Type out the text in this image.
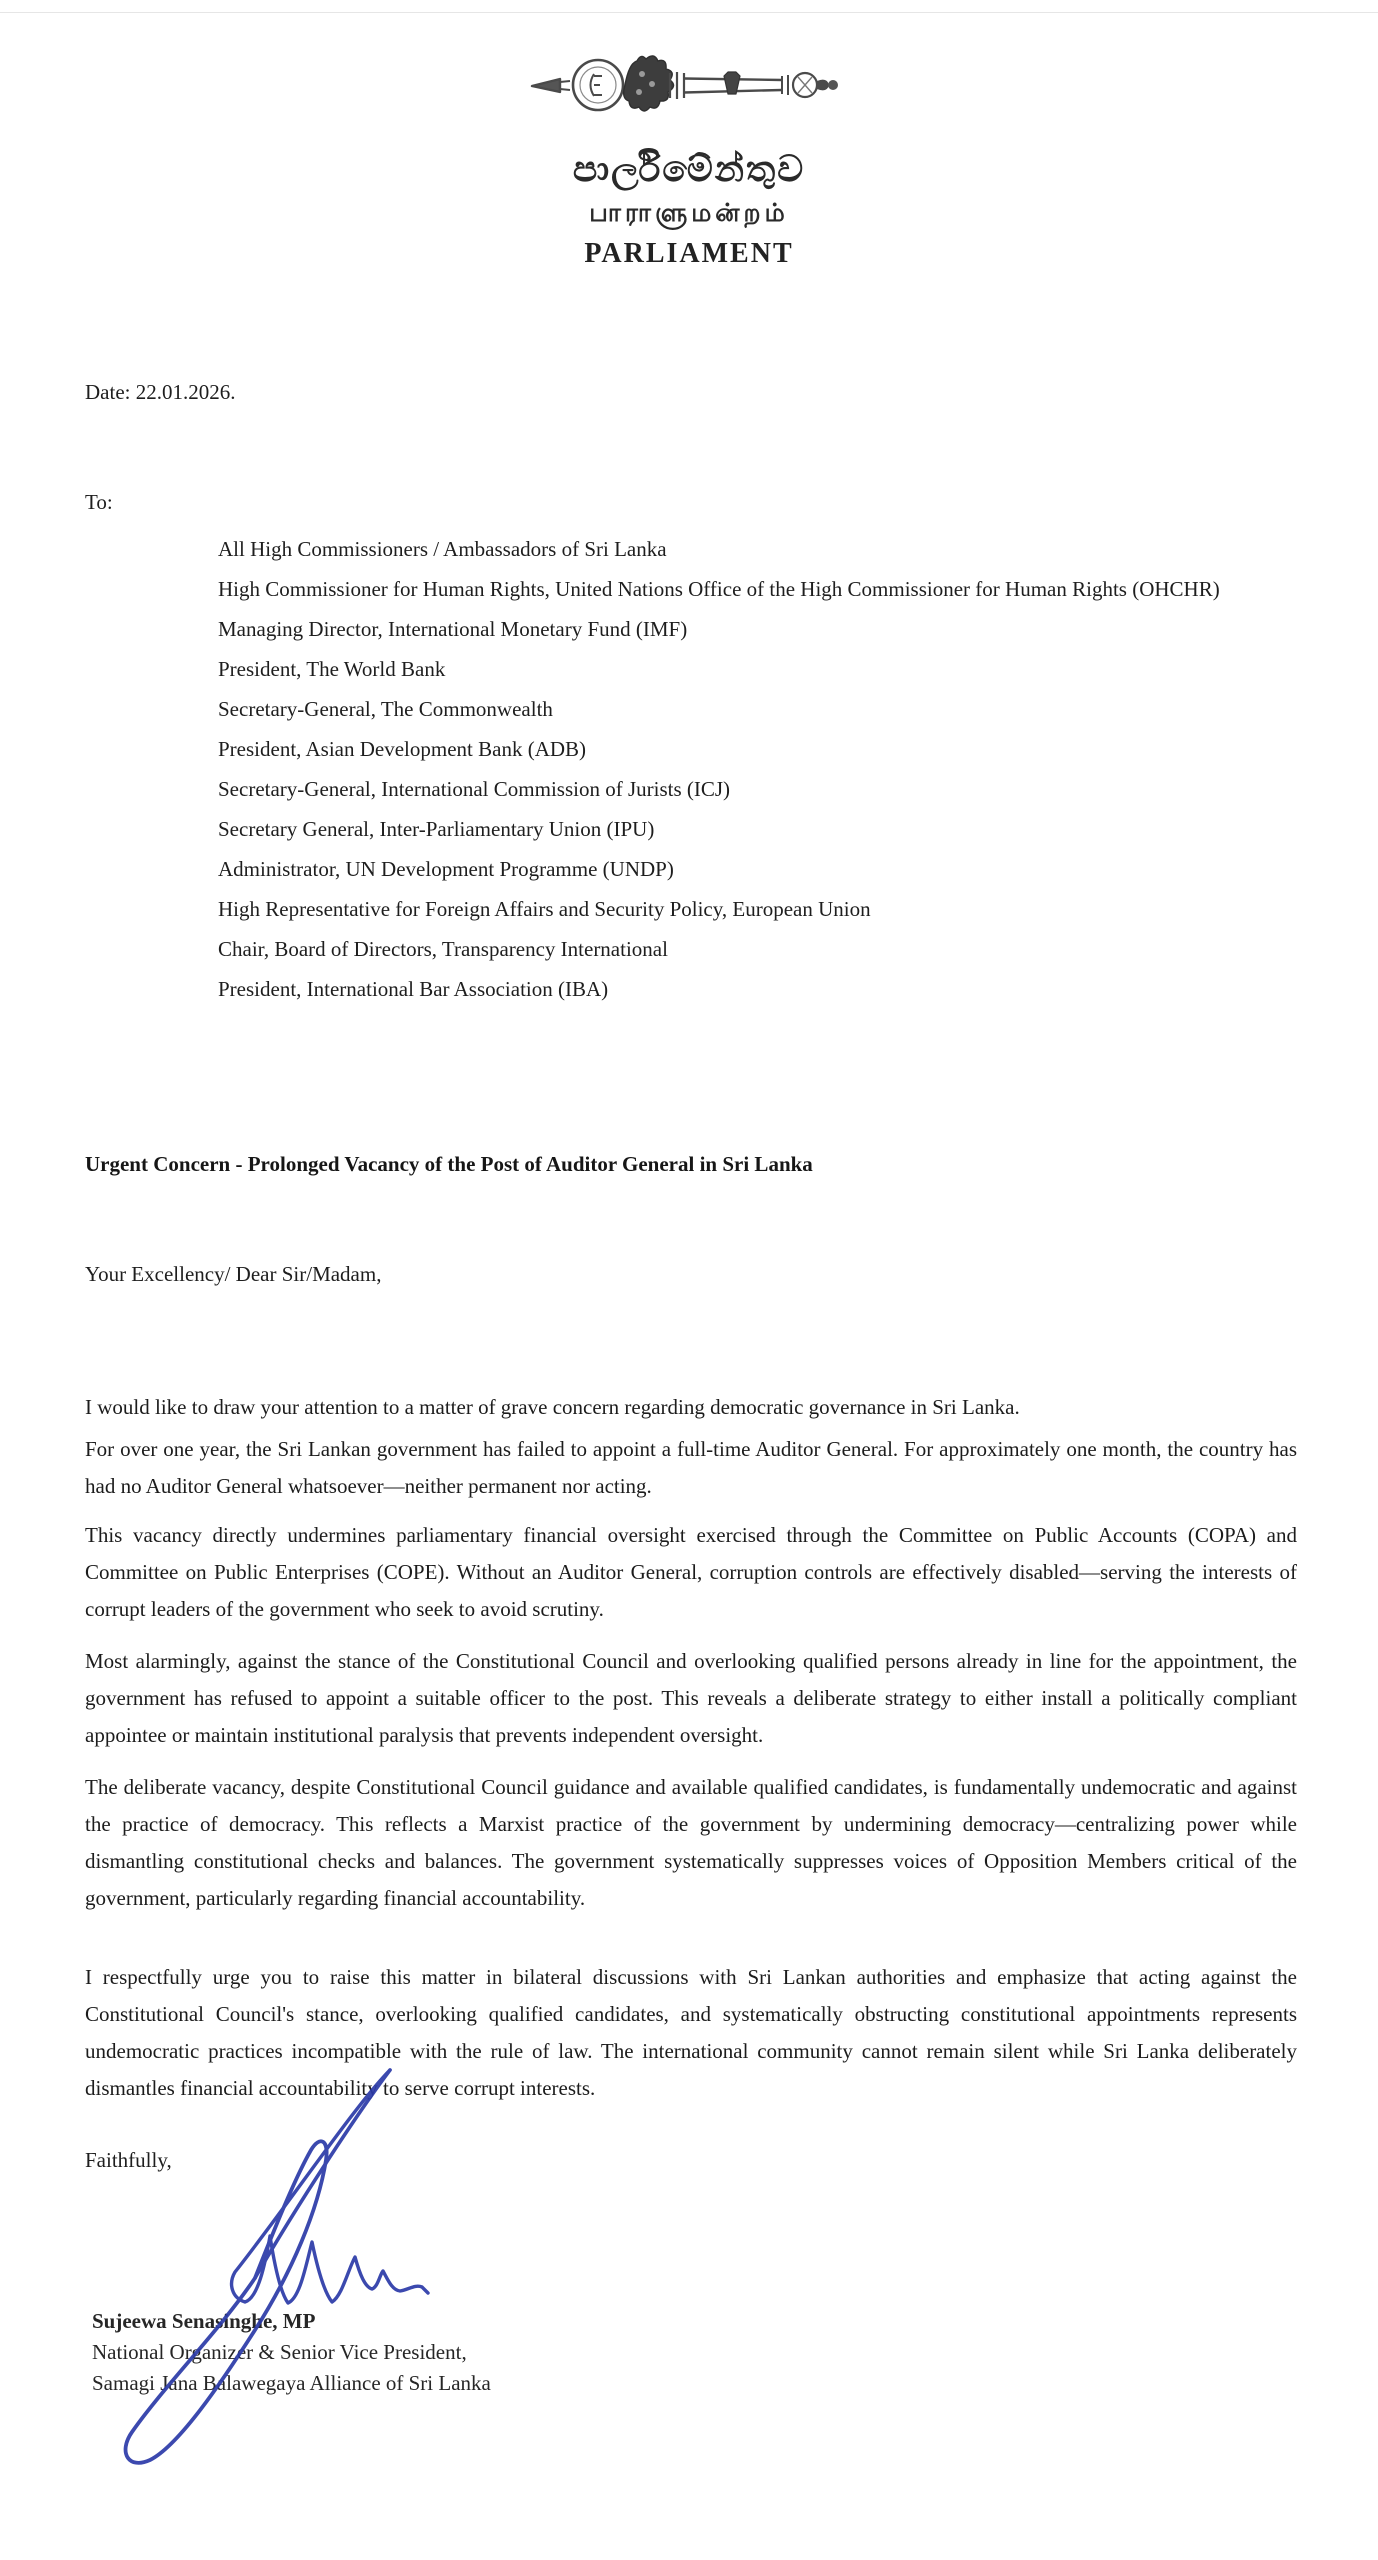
පාර්ලිමේන්තුව
பாராளுமன்றம்
PARLIAMENT
Date: 22.01.2026.
To:
All High Commissioners / Ambassadors of Sri Lanka
High Commissioner for Human Rights, United Nations Office of the High Commissioner for Human Rights (OHCHR)
Managing Director, International Monetary Fund (IMF)
President, The World Bank
Secretary-General, The Commonwealth
President, Asian Development Bank (ADB)
Secretary-General, International Commission of Jurists (ICJ)
Secretary General, Inter-Parliamentary Union (IPU)
Administrator, UN Development Programme (UNDP)
High Representative for Foreign Affairs and Security Policy, European Union
Chair, Board of Directors, Transparency International
President, International Bar Association (IBA)
Urgent Concern - Prolonged Vacancy of the Post of Auditor General in Sri Lanka
Your Excellency/ Dear Sir/Madam,

I would like to draw your attention to a matter of grave concern regarding democratic governance in Sri Lanka.

For over one year, the Sri Lankan government has failed to appoint a full-time Auditor General. For approximately one month, the country has had no Auditor General whatsoever—neither permanent nor acting.

This vacancy directly undermines parliamentary financial oversight exercised through the Committee on Public Accounts (COPA) and Committee on Public Enterprises (COPE). Without an Auditor General, corruption controls are effectively disabled—serving the interests of corrupt leaders of the government who seek to avoid scrutiny.

Most alarmingly, against the stance of the Constitutional Council and overlooking qualified persons already in line for the appointment, the government has refused to appoint a suitable officer to the post. This reveals a deliberate strategy to either install a politically compliant appointee or maintain institutional paralysis that prevents independent oversight.

The deliberate vacancy, despite Constitutional Council guidance and available qualified candidates, is fundamentally undemocratic and against the practice of democracy. This reflects a Marxist practice of the government by undermining democracy—centralizing power while dismantling constitutional checks and balances. The government systematically suppresses voices of Opposition Members critical of the government, particularly regarding financial accountability.

I respectfully urge you to raise this matter in bilateral discussions with Sri Lankan authorities and emphasize that acting against the Constitutional Council's stance, overlooking qualified candidates, and systematically obstructing constitutional appointments represents undemocratic practices incompatible with the rule of law. The international community cannot remain silent while Sri Lanka deliberately dismantles financial accountability to serve corrupt interests.

Faithfully,
Sujeewa Senasinghe, MP
National Organizer & Senior Vice President,
Samagi Jana Balawegaya Alliance of Sri Lanka
